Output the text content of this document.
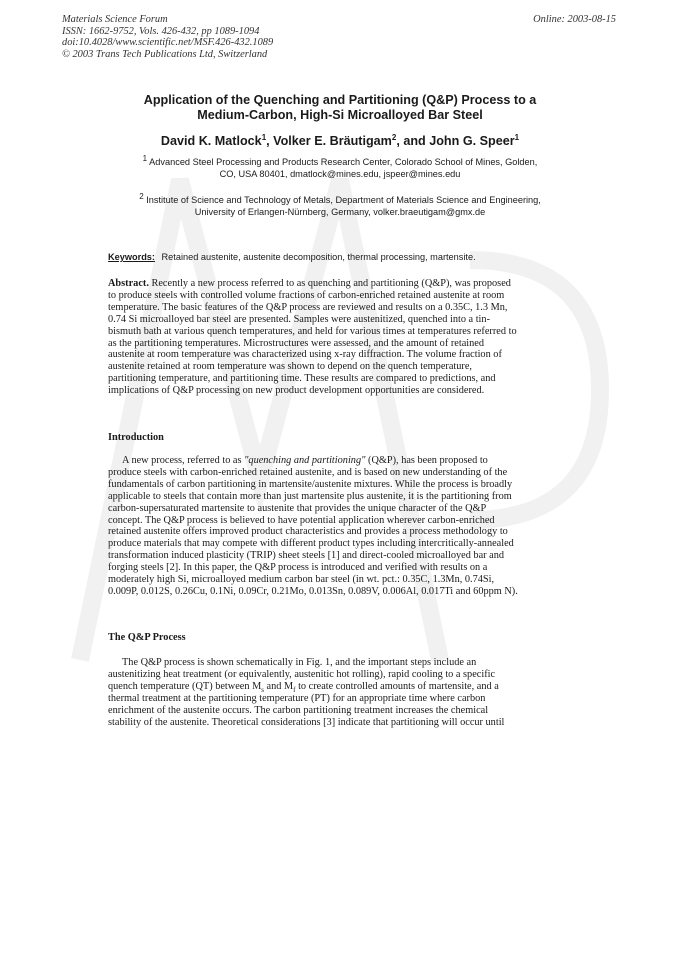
Materials Science Forum
ISSN: 1662-9752, Vols. 426-432, pp 1089-1094
doi:10.4028/www.scientific.net/MSF.426-432.1089
© 2003 Trans Tech Publications Ltd, Switzerland
Online: 2003-08-15
Application of the Quenching and Partitioning (Q&P) Process to a
Medium-Carbon, High-Si Microalloyed Bar Steel
David K. Matlock$^1$, Volker E. Bräutigam$^2$, and John G. Speer$^1$
$^1$ Advanced Steel Processing and Products Research Center, Colorado School of Mines, Golden,
CO, USA 80401, dmatlock@mines.edu, jspeer@mines.edu
$^2$ Institute of Science and Technology of Metals, Department of Materials Science and Engineering,
University of Erlangen-Nürnberg, Germany, volker.braeutigam@gmx.de
Keywords: Retained austenite, austenite decomposition, thermal processing, martensite.
Abstract. Recently a new process referred to as quenching and partitioning (Q&P), was proposed
to produce steels with controlled volume fractions of carbon-enriched retained austenite at room
temperature. The basic features of the Q&P process are reviewed and results on a 0.35C, 1.3 Mn,
0.74 Si microalloyed bar steel are presented. Samples were austenitized, quenched into a tin-
bismuth bath at various quench temperatures, and held for various times at temperatures referred to
as the partitioning temperatures. Microstructures were assessed, and the amount of retained
austenite at room temperature was characterized using x-ray diffraction. The volume fraction of
austenite retained at room temperature was shown to depend on the quench temperature,
partitioning temperature, and partitioning time. These results are compared to predictions, and
implications of Q&P processing on new product development opportunities are considered.
Introduction
A new process, referred to as "quenching and partitioning" (Q&P), has been proposed to
produce steels with carbon-enriched retained austenite, and is based on new understanding of the
fundamentals of carbon partitioning in martensite/austenite mixtures. While the process is broadly
applicable to steels that contain more than just martensite plus austenite, it is the partitioning from
carbon-supersaturated martensite to austenite that provides the unique character of the Q&P
concept. The Q&P process is believed to have potential application wherever carbon-enriched
retained austenite offers improved product characteristics and provides a process methodology to
produce materials that may compete with different product types including intercritically-annealed
transformation induced plasticity (TRIP) sheet steels [1] and direct-cooled microalloyed bar and
forging steels [2]. In this paper, the Q&P process is introduced and verified with results on a
moderately high Si, microalloyed medium carbon bar steel (in wt. pct.: 0.35C, 1.3Mn, 0.74Si,
0.009P, 0.012S, 0.26Cu, 0.1Ni, 0.09Cr, 0.21Mo, 0.013Sn, 0.089V, 0.006Al, 0.017Ti and 60ppm N).
The Q&P Process
The Q&P process is shown schematically in Fig. 1, and the important steps include an
austenitizing heat treatment (or equivalently, austenitic hot rolling), rapid cooling to a specific
quench temperature (QT) between $M_s$ and $M_f$ to create controlled amounts of martensite, and a
thermal treatment at the partitioning temperature (PT) for an appropriate time where carbon
enrichment of the austenite occurs. The carbon partitioning treatment increases the chemical
stability of the austenite. Theoretical considerations [3] indicate that partitioning will occur until
